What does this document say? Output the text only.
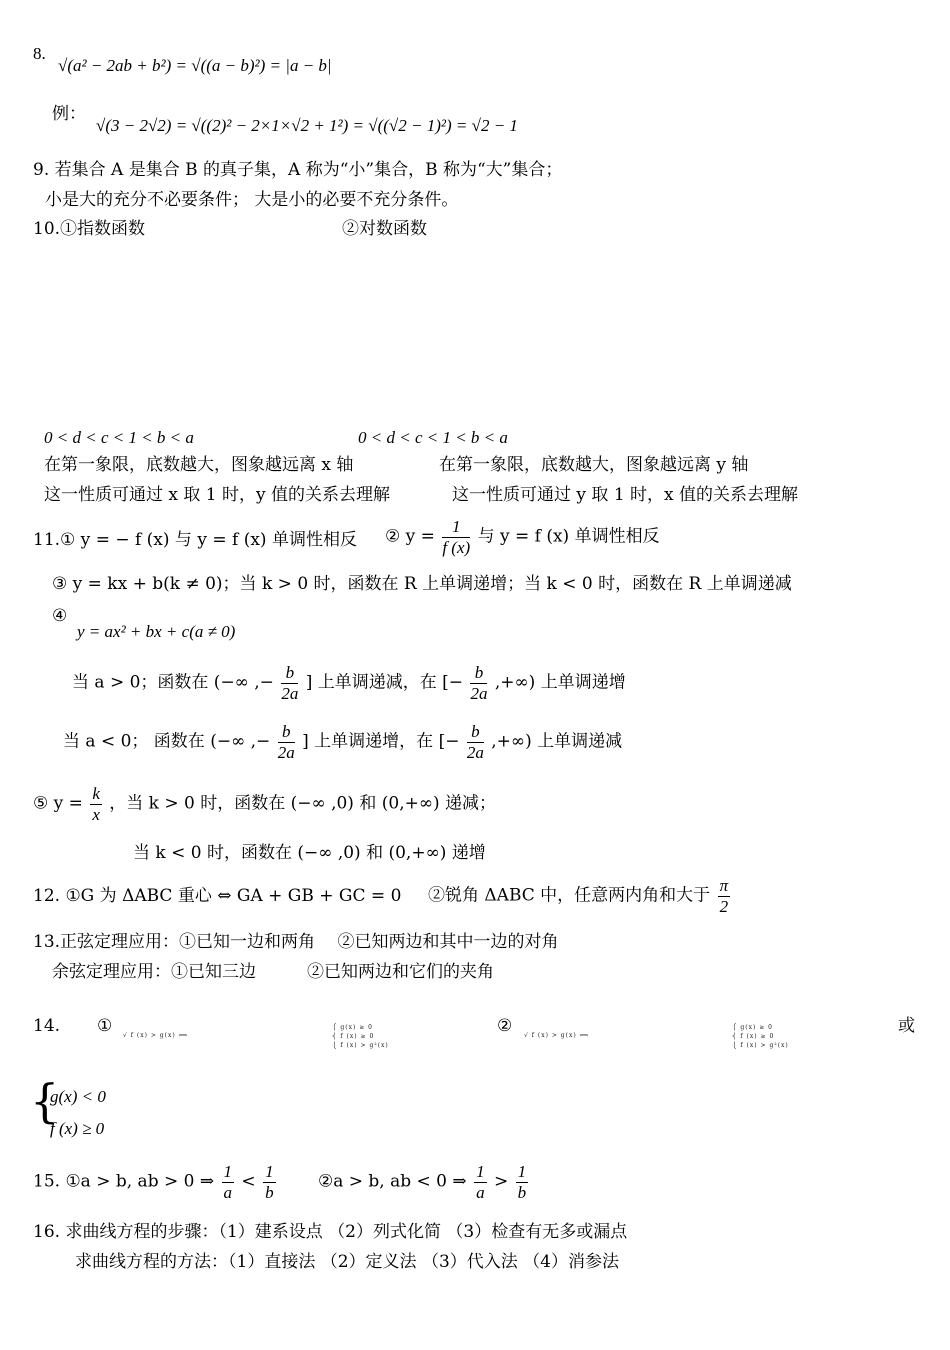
8.
√(a² − 2ab + b²) = √((a − b)²) = |a − b|
例：
√(3 − 2√2) = √((2)² − 2×1×√2 + 1²) = √((√2 − 1)²) = √2 − 1
9. 若集合 A 是集合 B 的真子集，A 称为“小”集合，B 称为“大”集合；
小是大的充分不必要条件； 大是小的必要不充分条件。
10.①指数函数	②对数函数
0 < d < c < 1 < b < a	0 < d < c < 1 < b < a
在第一象限，底数越大，图象越远离 x 轴
这一性质可通过 x 取 1 时，y 值的关系去理解
在第一象限，底数越大，图象越远离 y 轴
这一性质可通过 y 取 1 时，x 值的关系去理解
11.① y = − f (x) 与 y = f (x) 单调性相反 ② $y = \frac{1}{f (x)}$ 与 y = f (x) 单调性相反
③ y = kx + b(k ≠ 0)；当 k > 0 时，函数在 R 上单调递增；当 k < 0 时，函数在 R 上单调递减
④
y = ax² + bx + c(a ≠ 0)
当 a > 0；函数在 (−∞ ,− $\frac{b}{2a}$ ] 上单调递减，在 [− $\frac{b}{2a}$ ,+∞) 上单调递增
当 a < 0； 函数在 (−∞ ,− $\frac{b}{2a}$ ] 上单调递增，在 [− $\frac{b}{2a}$ ,+∞) 上单调递减
⑤ $y = \frac{k}{x}$ ，当 k > 0 时，函数在 (−∞ ,0) 和 (0,+∞) 递减；
当 k < 0 时，函数在 (−∞ ,0) 和 (0,+∞) 递增
12. ①G 为 ΔABC 重心 ⇔ GA + GB + GC = 0 ②锐角 ΔABC 中，任意两内角和大于 $\frac{\pi}{2}$
13.正弦定理应用：①已知一边和两角　 ②已知两边和其中一边的对角
余弦定理应用：①已知三边　　　②已知两边和它们的夹角
14. ① √ f (x) > g(x) ⟺
⎧ g(x) ≥ 0
⎨ f (x) ≥ 0
⎩ f (x) > g²(x)
② √ f (x) > g(x) ⟺
⎧ g(x) ≥ 0
⎨ f (x) ≥ 0
⎩ f (x) > g²(x)
或
{
g(x) < 0
f (x) ≥ 0
15. ①a > b, ab > 0 ⇒ $\frac{1}{a} < \frac{1}{b}$ ②a > b, ab < 0 ⇒ $\frac{1}{a} > \frac{1}{b}$
16. 求曲线方程的步骤：（1）建系设点 （2）列式化简 （3）检查有无多或漏点
求曲线方程的方法：（1）直接法 （2）定义法 （3）代入法 （4）消参法
